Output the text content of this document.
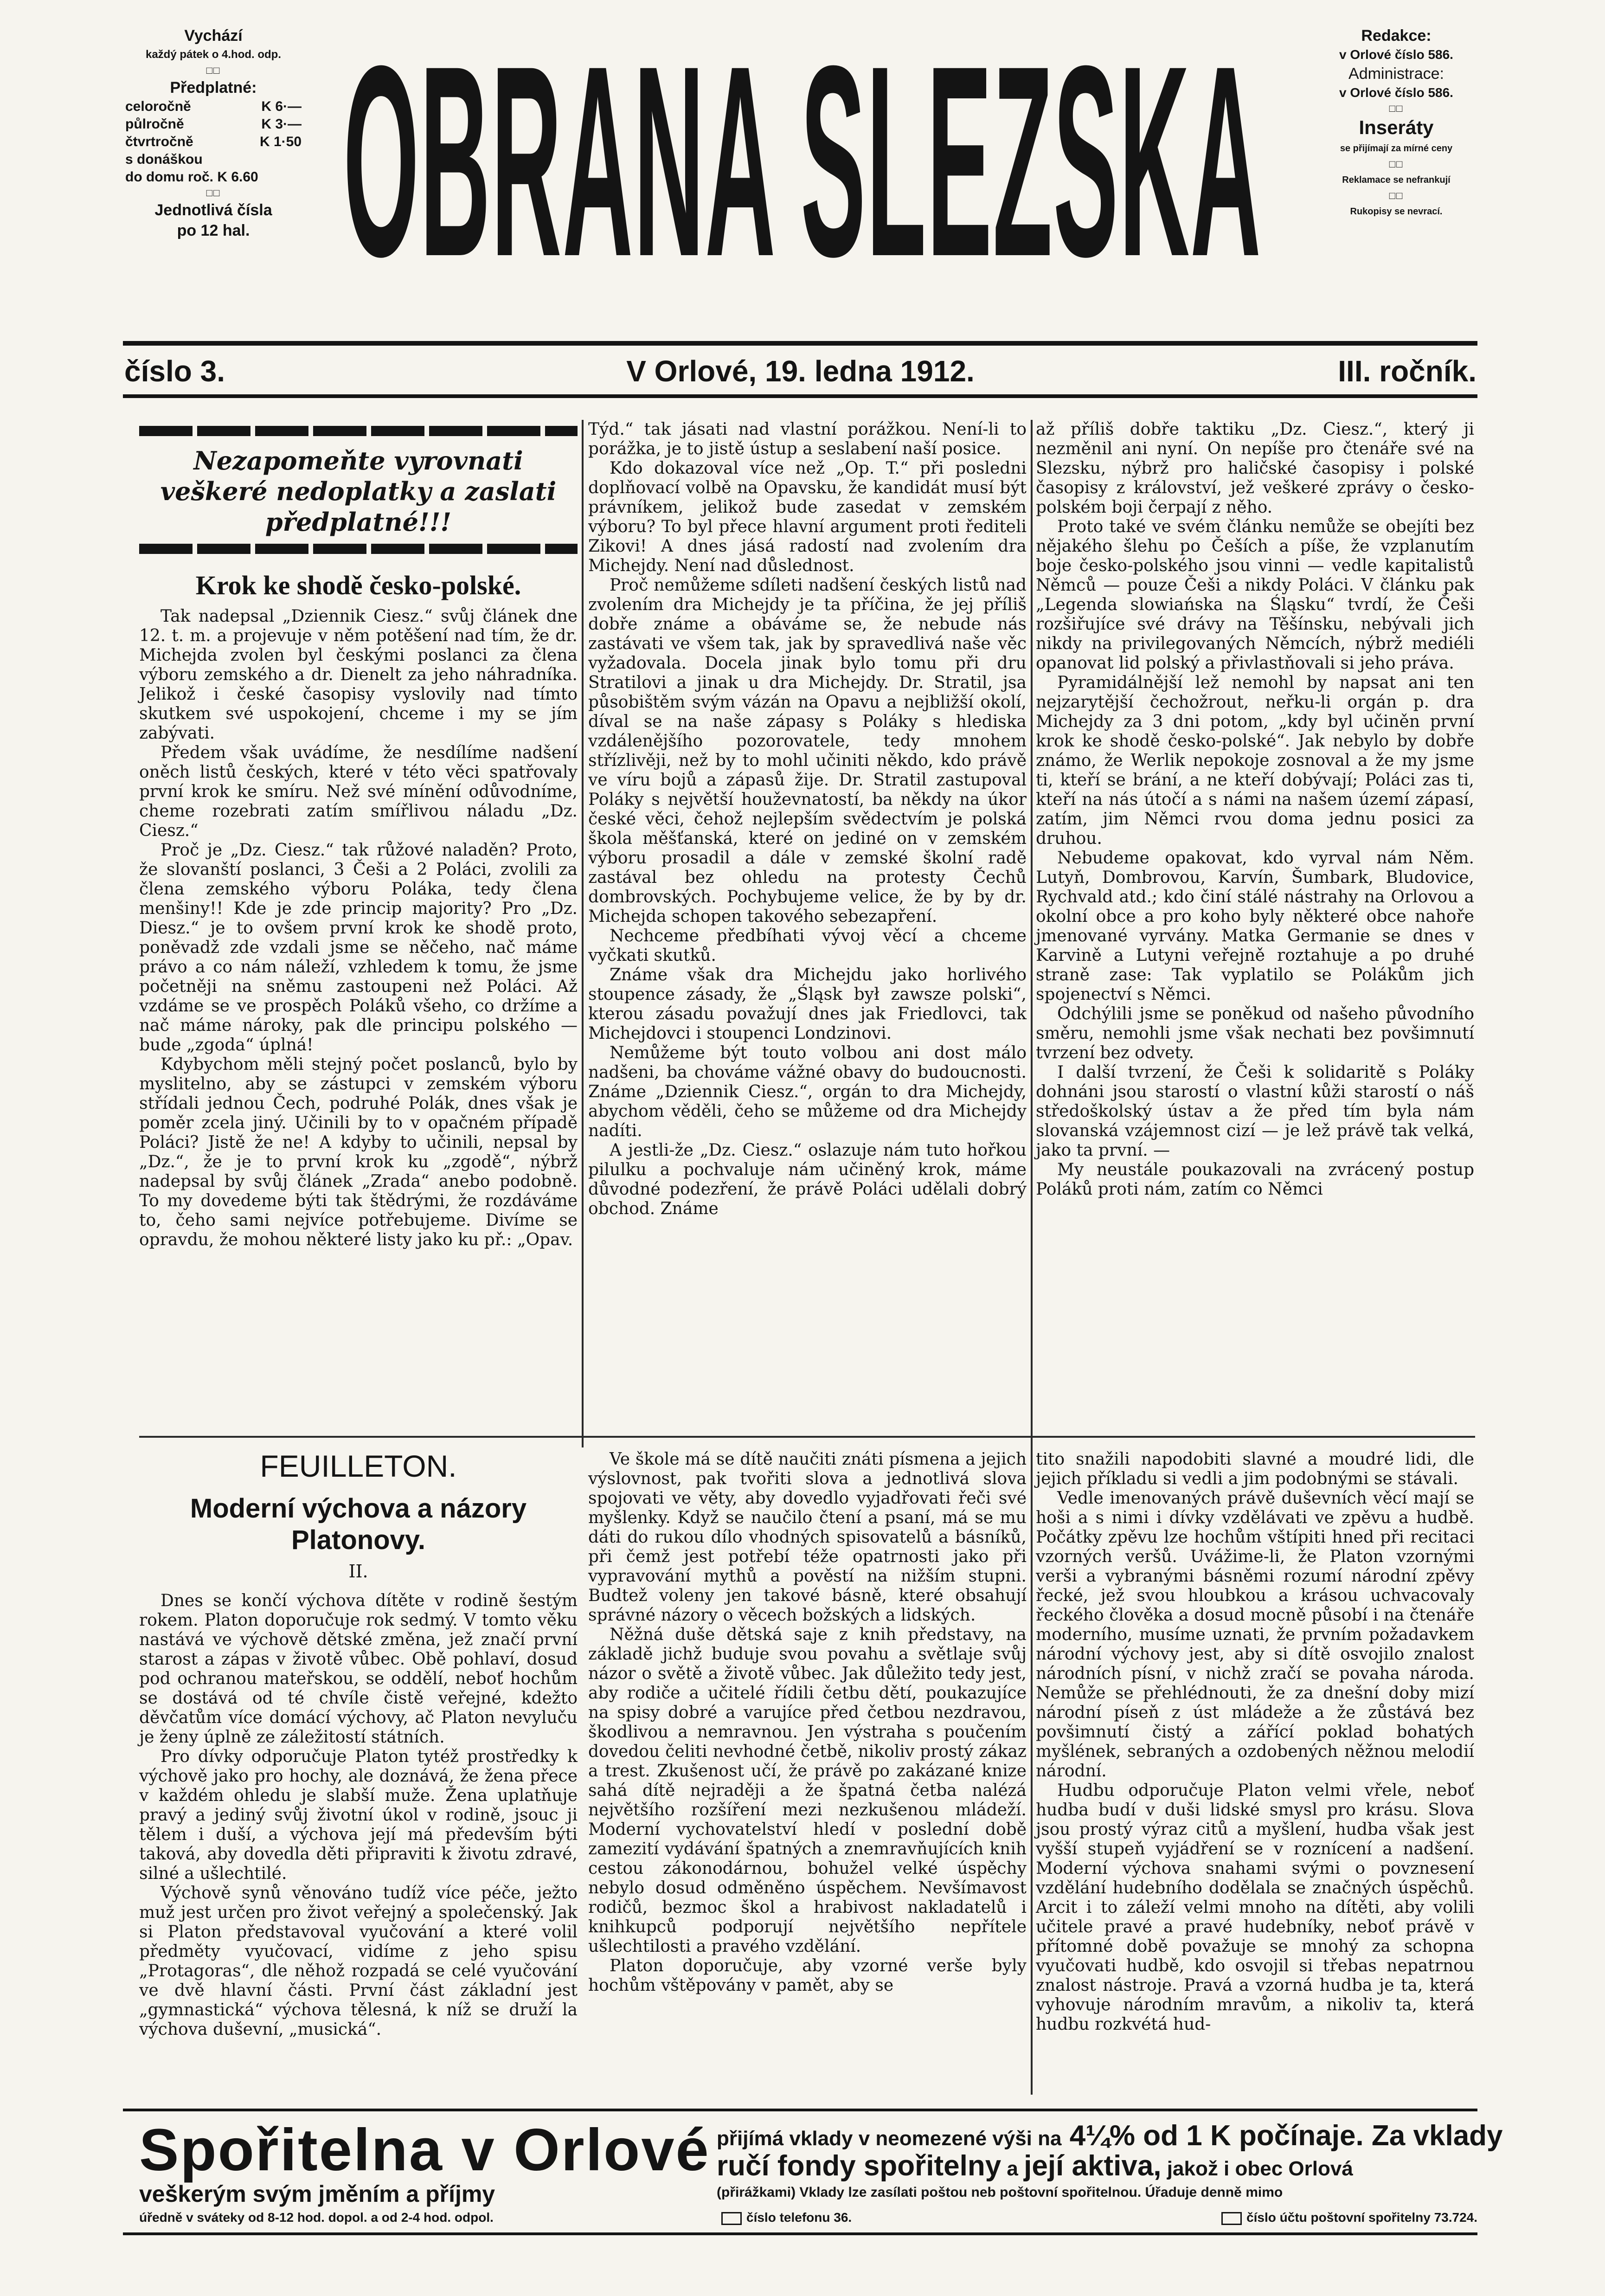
Vychází
každý pátek o 4.hod. odp.
□□
Předplatné:
celoročně	K 6·—
půlročně	K 3·—
čtvrtročně	K 1·50
s donáškou
do domu roč. K 6.60
□□
Jednotlivá čísla
po 12 hal. OBRANA SLEZSKA	Redakce:
v Orlové číslo 586.
Administrace:
v Orlové číslo 586.
□□
Inseráty
se přijímají za mírné ceny
□□
Reklamace se nefrankují
□□
Rukopisy se nevrací.
číslo 3.	V Orlové, 19. ledna 1912.	III. ročník.
Nezapomeňte vyrovnati veškeré nedoplatky a zaslati předplatné!!!
Krok ke shodě česko-polské.

Tak nadepsal „Dziennik Ciesz.“ svůj článek dne 12. t. m. a projevuje v něm potěšení nad tím, že dr. Michejda zvolen byl českými poslanci za člena výboru zemského a dr. Dienelt za jeho náhradníka. Jelikož i české časopisy vyslovily nad tímto skutkem své uspokojení, chceme i my se jím zabývati.

Předem však uvádíme, že nesdílíme nadšení oněch listů českých, které v této věci spatřovaly první krok ke smíru. Než své mínění odůvodníme, cheme rozebrati zatím smířlivou náladu „Dz. Ciesz.“

Proč je „Dz. Ciesz.“ tak růžové naladěn? Proto, že slovanští poslanci, 3 Češi a 2 Poláci, zvolili za člena zemského výboru Poláka, tedy člena menšiny!! Kde je zde princip majority? Pro „Dz. Diesz.“ je to ovšem první krok ke shodě proto, poněvadž zde vzdali jsme se něčeho, nač máme právo a co nám náleží, vzhledem k tomu, že jsme početněji na sněmu zastoupeni než Poláci. Až vzdáme se ve prospěch Poláků všeho, co držíme a nač máme nároky, pak dle principu polského — bude „zgoda“ úplná!

Kdybychom měli stejný počet poslanců, bylo by myslitelno, aby se zástupci v zemském výboru střídali jednou Čech, podruhé Polák, dnes však je poměr zcela jiný. Učinili by to v opačném případě Poláci? Jistě že ne! A kdyby to učinili, nepsal by „Dz.“, že je to první krok ku „zgodě“, nýbrž nadepsal by svůj článek „Zrada“ anebo podobně. To my dovedeme býti tak štědrými, že rozdáváme to, čeho sami nejvíce potřebujeme. Divíme se opravdu, že mohou některé listy jako ku př.: „Opav.

Týd.“ tak jásati nad vlastní porážkou. Není-li to porážka, je to jistě ústup a seslabení naší posice.

Kdo dokazoval více než „Op. T.“ při posledni doplňovací volbě na Opavsku, že kandidát musí být právníkem, jelikož bude zasedat v zemském výboru? To byl přece hlavní argument proti řediteli Zikovi! A dnes jásá radostí nad zvolením dra Michejdy. Není nad důslednost.

Proč nemůžeme sdíleti nadšení českých listů nad zvolením dra Michejdy je ta příčina, že jej příliš dobře známe a obáváme se, že nebude nás zastávati ve všem tak, jak by spravedlivá naše věc vyžadovala. Docela jinak bylo tomu při dru Stratilovi a jinak u dra Michejdy. Dr. Stratil, jsa působištěm svým vázán na Opavu a nejbližší okolí, díval se na naše zápasy s Poláky s hlediska vzdálenějšího pozorovatele, tedy mnohem střízlivěji, než by to mohl učiniti někdo, kdo právě ve víru bojů a zápasů žije. Dr. Stratil zastupoval Poláky s největší houževnatostí, ba někdy na úkor české věci, čehož nejlepším svědectvím je polská škola měšťanská, které on jediné on v zemském výboru prosadil a dále v zemské školní radě zastával bez ohledu na protesty Čechů dombrovských. Pochybujeme velice, že by by dr. Michejda schopen takového sebezapření.

Nechceme předbíhati vývoj věcí a chceme vyčkati skutků.

Známe však dra Michejdu jako horlivého stoupence zásady, že „Śląsk był zawsze polski“, kterou zásadu považují dnes jak Friedlovci, tak Michejdovci i stoupenci Londzinovi.

Nemůžeme být touto volbou ani dost málo nadšeni, ba chováme vážné obavy do budoucnosti. Známe „Dziennik Ciesz.“, orgán to dra Michejdy, abychom věděli, čeho se můžeme od dra Michejdy nadíti.

A jestli-že „Dz. Ciesz.“ oslazuje nám tuto hořkou pilulku a pochvaluje nám učiněný krok, máme důvodné podezření, že právě Poláci udělali dobrý obchod. Známe

až příliš dobře taktiku „Dz. Ciesz.“, který ji nezměnil ani nyní. On nepíše pro čtenáře své na Slezsku, nýbrž pro haličské časopisy i polské časopisy z království, jež veškeré zprávy o česko-polském boji čerpají z něho.

Proto také ve svém článku nemůže se obejíti bez nějakého šlehu po Češích a píše, že vzplanutím boje česko-polského jsou vinni — vedle kapitalistů Němců — pouze Češi a nikdy Poláci. V článku pak „Legenda slowiańska na Śląsku“ tvrdí, že Češi rozšiřujíce své drávy na Těšínsku, nebývali jich nikdy na privilegovaných Němcích, nýbrž mediéli opanovat lid polský a přivlastňovali si jeho práva.

Pyramidálnější lež nemohl by napsat ani ten nejzarytější čechožrout, neřku-li orgán p. dra Michejdy za 3 dni potom, „kdy byl učiněn první krok ke shodě česko-polské“. Jak nebylo by dobře známo, že Werlik nepokoje zosnoval a že my jsme ti, kteří se brání, a ne kteří dobývají; Poláci zas ti, kteří na nás útočí a s námi na našem území zápasí, zatím, jim Němci rvou doma jednu posici za druhou.

Nebudeme opakovat, kdo vyrval nám Něm. Lutyň, Dombrovou, Karvín, Šumbark, Bludovice, Rychvald atd.; kdo činí stálé nástrahy na Orlovou a okolní obce a pro koho byly některé obce nahoře jmenované vyrvány. Matka Germanie se dnes v Karvině a Lutyni veřejně roztahuje a po druhé straně zase: Tak vyplatilo se Polákům jich spojenectví s Němci.

Odchýlili jsme se poněkud od našeho původního směru, nemohli jsme však nechati bez povšimnutí tvrzení bez odvety.

I další tvrzení, že Češi k solidaritě s Poláky dohnáni jsou starostí o vlastní kůži starostí o náš středoškolský ústav a že před tím byla nám slovanská vzájemnost cizí — je lež právě tak velká, jako ta první. —

My neustále poukazovali na zvrácený postup Poláků proti nám, zatím co Němci

FEUILLETON.
Moderní výchova a názory Platonovy.
II.

Dnes se končí výchova dítěte v rodině šestým rokem. Platon doporučuje rok sedmý. V tomto věku nastává ve výchově dětské změna, jež značí první starost a zápas v životě vůbec. Obě pohlaví, dosud pod ochranou mateřskou, se oddělí, neboť hochům se dostává od té chvíle čistě veřejné, kdežto děvčatům více domácí výchovy, ač Platon nevyluču je ženy úplně ze záležitostí státních.

Pro dívky odporučuje Platon tytéž prostředky k výchově jako pro hochy, ale doznává, že žena přece v každém ohledu je slabší muže. Žena uplatňuje pravý a jediný svůj životní úkol v rodině, jsouc ji tělem i duší, a výchova její má především býti taková, aby dovedla děti připraviti k životu zdravé, silné a ušlechtilé.

Výchově synů věnováno tudíž více péče, ježto muž jest určen pro život veřejný a společenský. Jak si Platon představoval vyučování a které volil předměty vyučovací, vidíme z jeho spisu „Protagoras“, dle něhož rozpadá se celé vyučování ve dvě hlavní části. První část základní jest „gymnastická“ výchova tělesná, k níž se druží la výchova duševní, „musická“.

Ve škole má se dítě naučiti znáti písmena a jejich výslovnost, pak tvořiti slova a jednotlivá slova spojovati ve věty, aby dovedlo vyjadřovati řeči své myšlenky. Když se naučilo čtení a psaní, má se mu dáti do rukou dílo vhodných spisovatelů a básníků, při čemž jest potřebí téže opatrnosti jako při vypravování mythů a pověstí na nižším stupni. Budtež voleny jen takové básně, které obsahují správné názory o věcech božských a lidských.

Něžná duše dětská saje z knih představy, na základě jichž buduje svou povahu a světlaje svůj názor o světě a životě vůbec. Jak důležito tedy jest, aby rodiče a učitelé řídili četbu dětí, poukazujíce na spisy dobré a varujíce před četbou nezdravou, škodlivou a nemravnou. Jen výstraha s poučením dovedou čeliti nevhodné četbě, nikoliv prostý zákaz a trest. Zkušenost učí, že právě po zakázané knize sahá dítě nejraději a že špatná četba nalézá největšího rozšíření mezi nezkušenou mládeží. Moderní vychovatelství hledí v poslední době zamezití vydávání špatných a znemravňujících knih cestou zákonodárnou, bohužel velké úspěchy nebylo dosud odměněno úspěchem. Nevšímavost rodičů, bezmoc škol a hrabivost nakladatelů i knihkupců podporují největšího nepřítele ušlechtilosti a pravého vzdělání.

Platon doporučuje, aby vzorné verše byly hochům vštěpovány v pamět, aby se

tito snažili napodobiti slavné a moudré lidi, dle jejich příkladu si vedli a jim podobnými se stávali.

Vedle imenovaných právě duševních věcí mají se hoši a s nimi i dívky vzdělávati ve zpěvu a hudbě. Počátky zpěvu lze hochům vštípiti hned při recitaci vzorných veršů. Uvážime-li, že Platon vzornými verši a vybranými básněmi rozumí národní zpěvy řecké, jež svou hloubkou a krásou uchvacovaly řeckého člověka a dosud mocně působí i na čtenáře moderního, musíme uznati, že prvním požadavkem národní výchovy jest, aby si dítě osvojilo znalost národních písní, v nichž zračí se povaha národa. Nemůže se přehlédnouti, že za dnešní doby mizí národní píseň z úst mládeže a že zůstává bez povšimnutí čistý a zářící poklad bohatých myšlének, sebraných a ozdobených něžnou melodií národní.

Hudbu odporučuje Platon velmi vřele, neboť hudba budí v duši lidské smysl pro krásu. Slova jsou prostý výraz citů a myšlení, hudba však jest vyšší stupeň vyjádření se v roznícení a nadšení. Moderní výchova snahami svými o povznesení vzdělání hudebního dodělala se značných úspěchů. Arcit i to záleží velmi mnoho na dítěti, aby volili učitele pravé a pravé hudebníky, neboť právě v přítomné době považuje se mnohý za schopna vyučovati hudbě, kdo osvojil si třebas nepatrnou znalost nástroje. Pravá a vzorná hudba je ta, která vyhovuje národním mravům, a nikoliv ta, která hudbu rozkvétá hud-

Spořitelna v Orlové
veškerým svým jměním a příjmy
úředně v sváteky od 8-12 hod. dopol. a od 2-4 hod. odpol.
přijímá vklady v neomezené výši na 4¼% od 1 K počínaje. Za vklady
ručí fondy spořitelny a její aktiva, jakož i obec Orlová
(přirážkami) Vklady lze zasílati poštou neb poštovní spořitelnou. Úřaduje denně mimo
číslo telefonu 36.	číslo účtu poštovní spořitelny 73.724.
